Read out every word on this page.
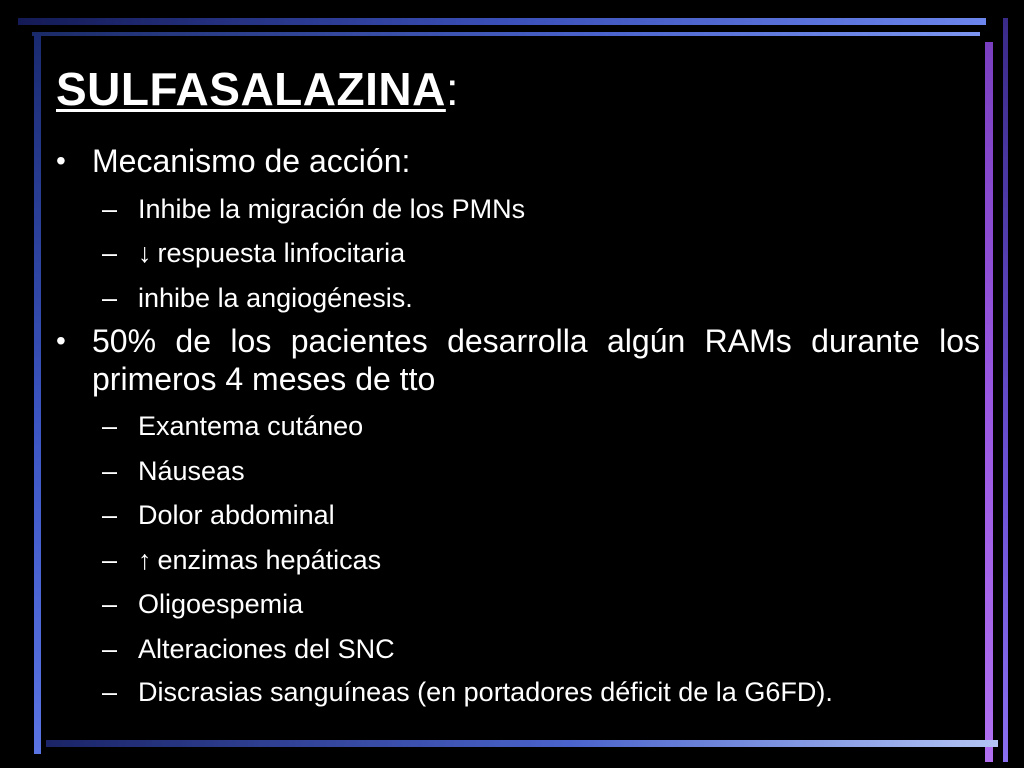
SULFASALAZINA:
• Mecanismo de acción:
– Inhibe la migración de los PMNs
– ↓ respuesta linfocitaria
– inhibe la angiogénesis.
• 50% de los pacientes desarrolla algún RAMs durante los primeros 4 meses de tto
– Exantema cutáneo
– Náuseas
– Dolor abdominal
– ↑ enzimas hepáticas
– Oligoespemia
– Alteraciones del SNC
– Discrasias sanguíneas (en portadores déficit de la G6FD).
